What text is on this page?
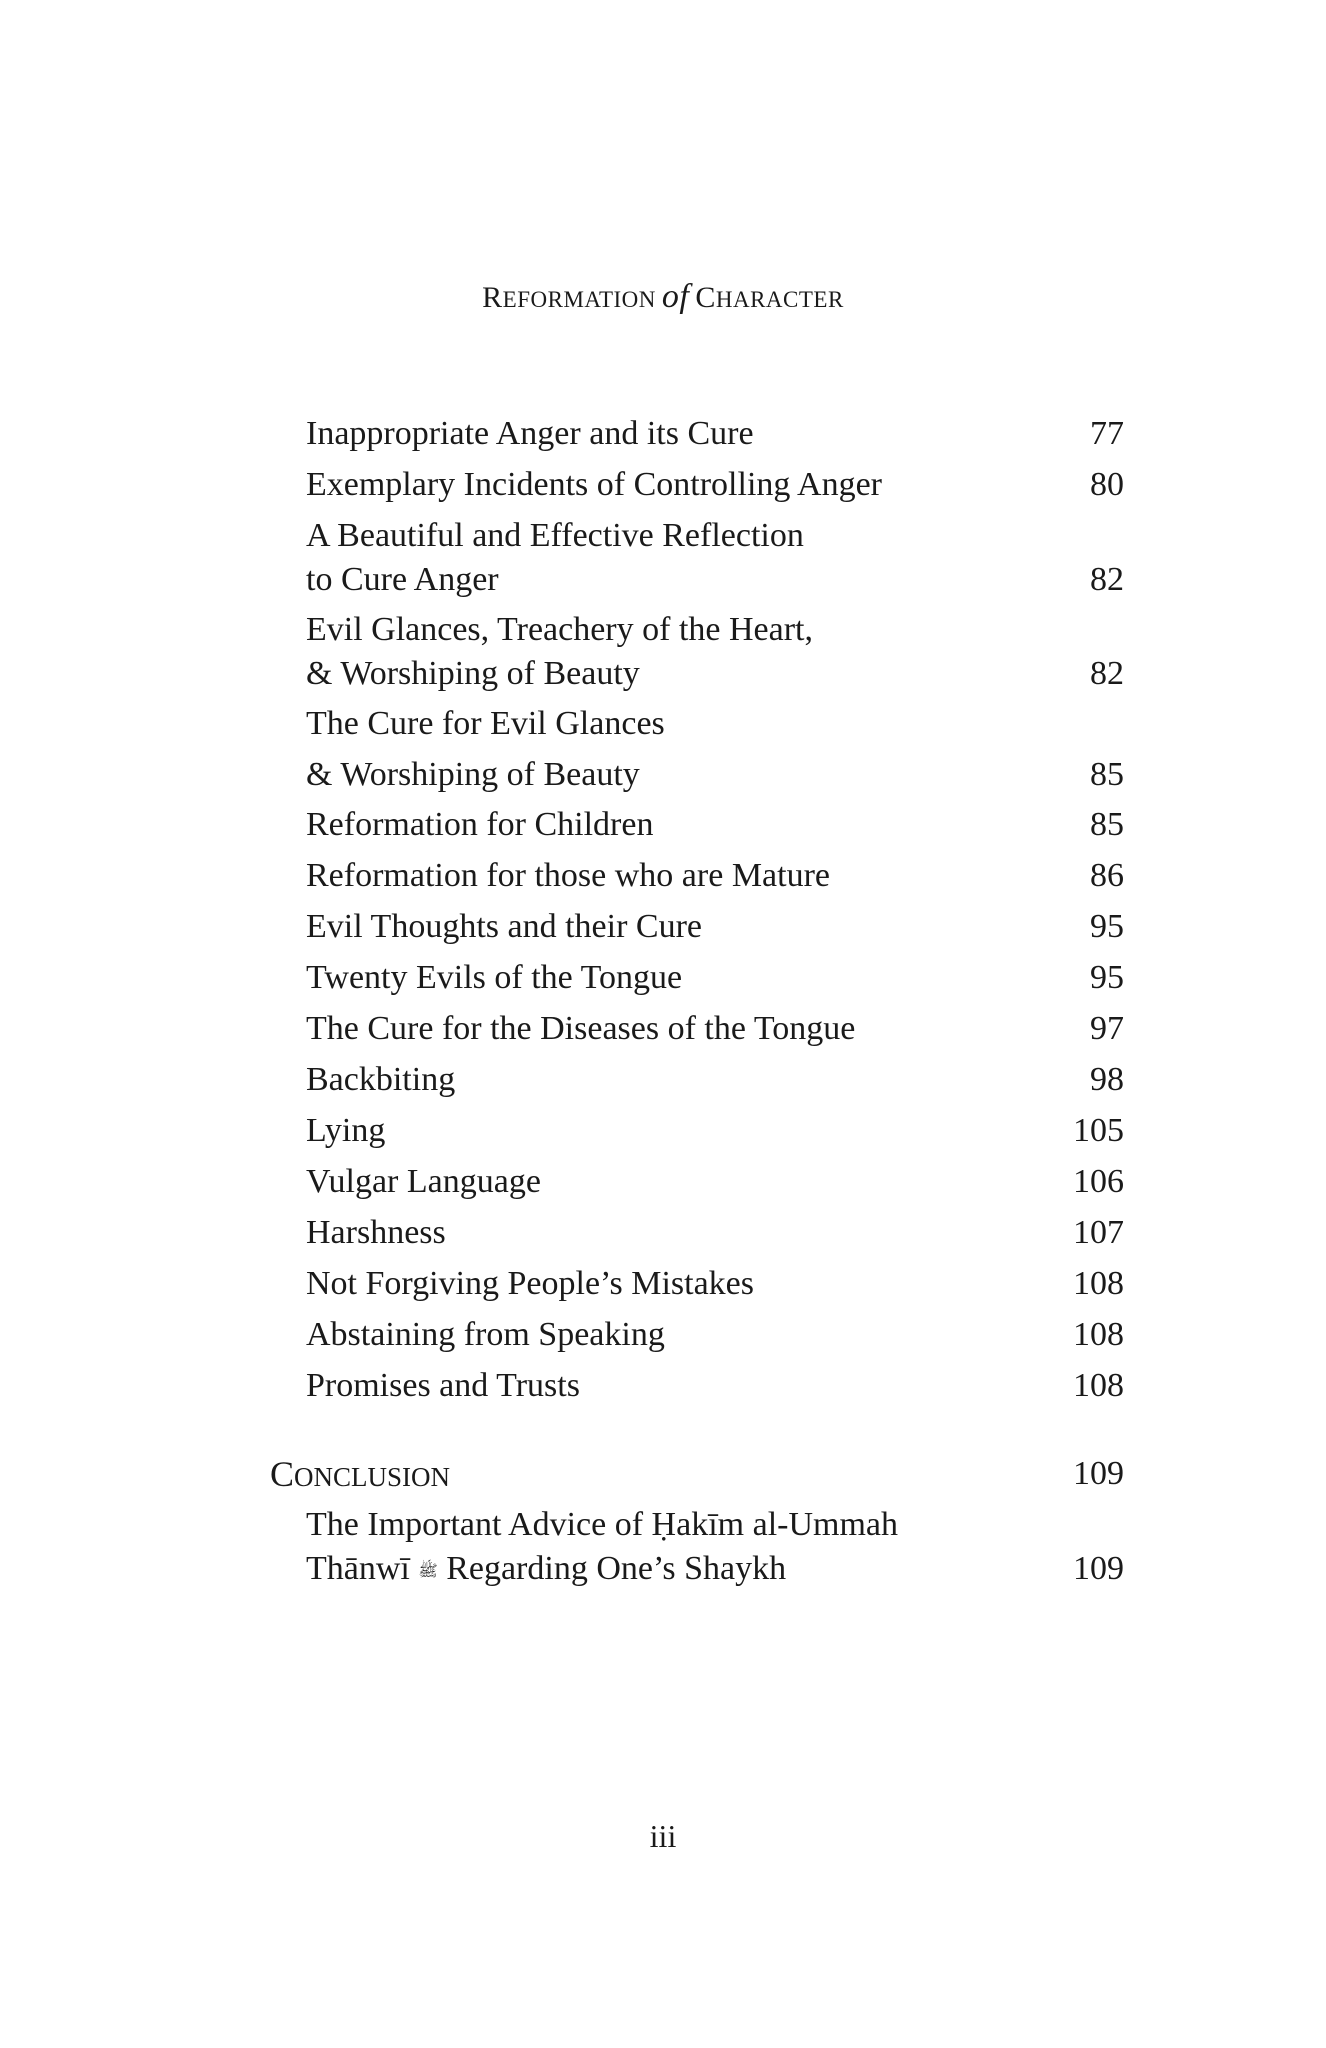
REFORMATION of CHARACTER
Inappropriate Anger and its Cure	77
Exemplary Incidents of Controlling Anger	80
A Beautiful and Effective Reflection
to Cure Anger	82
Evil Glances, Treachery of the Heart,
& Worshiping of Beauty	82
The Cure for Evil Glances
& Worshiping of Beauty	85
Reformation for Children	85
Reformation for those who are Mature	86
Evil Thoughts and their Cure	95
Twenty Evils of the Tongue	95
The Cure for the Diseases of the Tongue	97
Backbiting	98
Lying	105
Vulgar Language	106
Harshness	107
Not Forgiving People’s Mistakes	108
Abstaining from Speaking	108
Promises and Trusts	108
CONCLUSION	109
The Important Advice of Ḥakīm al-Ummah
Thānwī ﷺ Regarding One’s Shaykh	109
iii
